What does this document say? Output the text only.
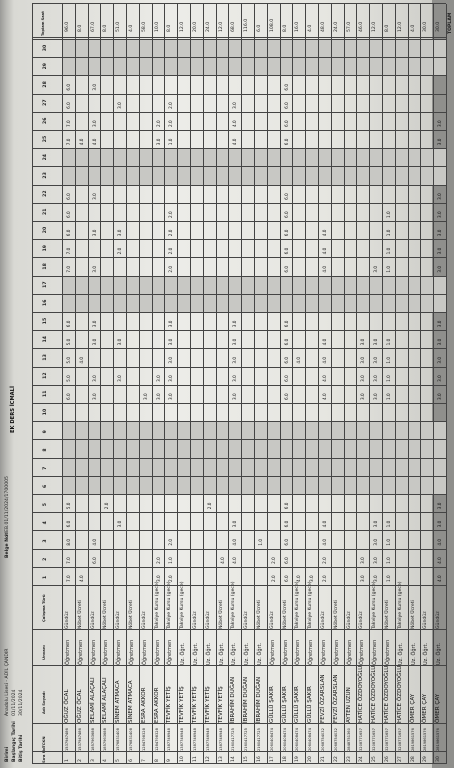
Birimi Başlangıç Tarihi Bitiş Tarihi
Anadolu Lisesi - ADİL ÇANDIR 01/11/2024 30/11/2024
Belge No:
MEB.01/11/2024/1700005
EK DERS İCMALİ
Sıra No
TCKN
Adı Soyadı
Unvanı
Çalışma Türü
1
2
3
4
5
6
7
8
9
10
11
12
13
14
15
16
17
18
19
20
21
22
23
24
25
26
27
28
29
30
Toplam Saat
1
1537947486
OĞUZ ÖCAL
Öğretmen
Gündüz
7.0
7.0
8.0
6.0
5.0
6.0
5.0
5.0
5.0
6.0
7.0
7.0
6.0
6.0
6.0
7.0
7.0
6.0
6.0
96.0
2
1537947486
OĞUZ ÖCAL
Öğretmen
Nöbet Ücreti
4.0
4.0
4.0
8.0
3
1857963688
SELAMİ ALAÇALI
Öğretmen
Gündüz
6.0
4.0
3.0
3.0
3.0
3.0
3.0
3.0
3.0
4.0
3.0
3.0
67.0
4
1857963688
SELAMİ ALAÇALI
Öğretmen
Nöbet Ücreti
2.0
8.0
5
1576831408
SİNEM ATMACA
Öğretmen
Gündüz
3.0
3.0
3.0
2.0
3.0
3.0
51.0
6
1576831408
SİNEM ATMACA
Öğretmen
Nöbet Ücreti
4.0
7
1284798328
ESRA AKKOR
Öğretmen
Gündüz
3.0
58.0
8
1284798328
ESRA AKKOR
Öğretmen
Takviye Kursu (gece)
3.0
2.0
3.0
3.0
3.0
2.0
10.0
9
1387746948
TEVFİK YETİŞ
Öğretmen
Takviye Kursu (gece)
2.0
1.0
2.0
3.0
3.0
3.0
3.0
3.0
2.0
2.0
2.0
2.0
1.0
2.0
2.0
8.0
10
1387746948
TEVFİK YETİŞ
Uz. Öğrt.
Takviye Kursu (gece)
12.0
11
1387746948
TEVFİK YETİŞ
Uz. Öğrt.
Gündüz
20.0
12
1387746948
TEVFİK YETİŞ
Uz. Öğrt.
Gündüz
2.0
24.0
13
1387746948
TEVFİK YETİŞ
Uz. Öğrt.
Nöbet Ücreti
4.0
12.0
14
2160417725
İBRAHİM DUĞAN
Uz. Öğrt.
Takviye Kursu (gece)
4.0
4.0
3.0
3.0
3.0
3.0
3.0
3.0
4.0
4.0
3.0
68.0
15
2160417725
İBRAHİM DUĞAN
Uz. Öğrt.
Gündüz
116.0
16
2160417725
İBRAHİM DUĞAN
Uz. Öğrt.
Nöbet Ücreti
1.0
6.0
17
2060408474
GÜLLÜ ŞAKIR
Öğretmen
Gündüz
2.0
2.0
108.0
18
2060408474
GÜLLÜ ŞAKIR
Öğretmen
Nöbet Ücreti
6.0
6.0
6.0
6.0
6.0
6.0
6.0
6.0
6.0
6.0
6.0
6.0
6.0
6.0
6.0
6.0
6.0
6.0
6.0
8.0
19
2060408474
GÜLLÜ ŞAKIR
Öğretmen
Takviye Kursu (gece)
4.0
4.0
16.0
20
2060408474
GÜLLÜ ŞAKIR
Öğretmen
Takviye Kursu (gece)
3.0
4.0
21
2068754032
FEVZİ ÖZARSLAN
Öğretmen
Gündüz
2.0
2.0
4.0
4.0
4.0
4.0
4.0
4.0
4.0
4.0
4.0
48.0
22
2068754032
FEVZİ ÖZARSLAN
Öğretmen
Nöbet Ücreti
24.0
23
2848751360
AYTEN UZUN
Öğretmen
Gündüz
57.0
24
3208771657
HATİCE ÖZDOYOĞLU
Öğretmen
Gündüz
3.0
3.0
3.0
3.0
3.0
3.0
46.0
25
3208771657
HATİCE ÖZDOYOĞLU
Öğretmen
Takviye Kursu (gece)
3.0
3.0
3.0
3.0
3.0
3.0
3.0
3.0
3.0
12.0
26
3208771657
HATİCE ÖZDOYOĞLU
Öğretmen
Nöbet Ücreti
1.0
1.0
1.0
1.0
1.0
1.0
1.0
1.0
1.0
1.0
1.0
1.0
8.0
27
3208771657
HATİCE ÖZDOYOĞLU
Uz. Öğrt.
Takviye Kursu (gece)
12.0
28
2819861576
ÖMER ÇAY
Uz. Öğrt.
Nöbet Ücreti
4.0
29
2819861576
ÖMER ÇAY
Uz. Öğrt.
Gündüz
30.0
30
2819861576
ÖMER ÇAY
Uz. Öğrt.
Gündüz
4.0
4.0
4.0
3.0
3.0
3.0
3.0
3.0
3.0
3.0
3.0
3.0
3.0
3.0
3.0
3.0
3.0
30.0 TOPLAM
